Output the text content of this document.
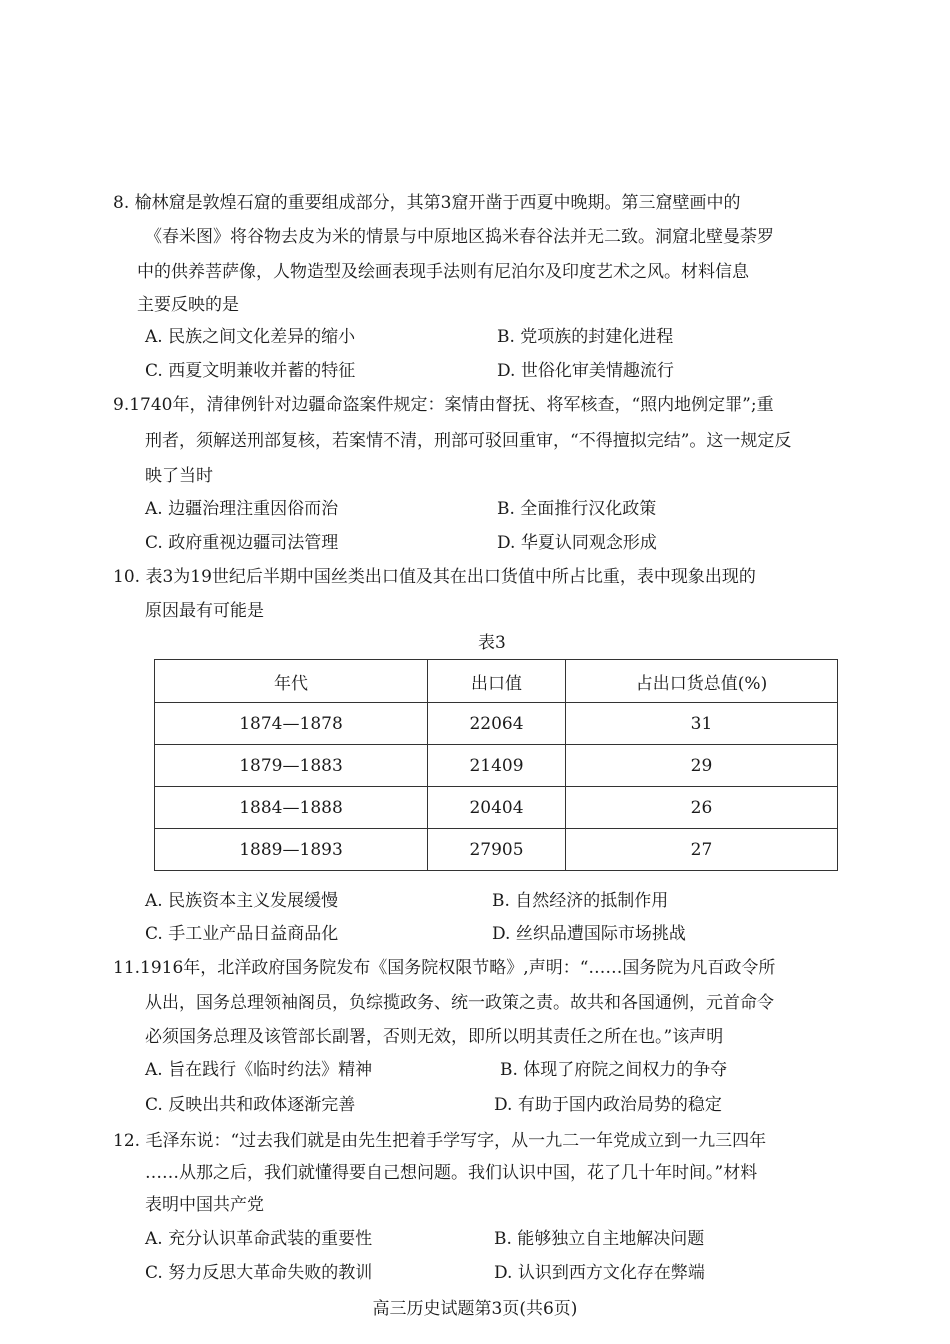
8. 榆林窟是敦煌石窟的重要组成部分，其第3窟开凿于西夏中晚期。第三窟壁画中的
《春米图》将谷物去皮为米的情景与中原地区捣米春谷法并无二致。洞窟北壁曼荼罗
中的供养菩萨像，人物造型及绘画表现手法则有尼泊尔及印度艺术之风。材料信息
主要反映的是
A. 民族之间文化差异的缩小	B. 党项族的封建化进程
C. 西夏文明兼收并蓄的特征	D. 世俗化审美情趣流行
9.1740年，清律例针对边疆命盗案件规定：案情由督抚、将军核查，“照内地例定罪”;重
刑者，须解送刑部复核，若案情不清，刑部可驳回重审，“不得擅拟完结”。这一规定反
映了当时
A. 边疆治理注重因俗而治	B. 全面推行汉化政策
C. 政府重视边疆司法管理	D. 华夏认同观念形成
10. 表3为19世纪后半期中国丝类出口值及其在出口货值中所占比重，表中现象出现的
原因最有可能是
表3
年代	出口值	占出口货总值(%)
1874—1878	22064	31
1879—1883	21409	29
1884—1888	20404	26
1889—1893	27905	27
A. 民族资本主义发展缓慢	B. 自然经济的抵制作用
C. 手工业产品日益商品化	D. 丝织品遭国际市场挑战
11.1916年，北洋政府国务院发布《国务院权限节略》,声明：“……国务院为凡百政令所
从出，国务总理领袖阁员，负综揽政务、统一政策之责。故共和各国通例，元首命令
必须国务总理及该管部长副署，否则无效，即所以明其责任之所在也。”该声明
A. 旨在践行《临时约法》精神	B. 体现了府院之间权力的争夺
C. 反映出共和政体逐渐完善	D. 有助于国内政治局势的稳定
12. 毛泽东说：“过去我们就是由先生把着手学写字，从一九二一年党成立到一九三四年
……从那之后，我们就懂得要自己想问题。我们认识中国，花了几十年时间。”材料
表明中国共产党
A. 充分认识革命武装的重要性	B. 能够独立自主地解决问题
C. 努力反思大革命失败的教训	D. 认识到西方文化存在弊端
高三历史试题第3页(共6页)
